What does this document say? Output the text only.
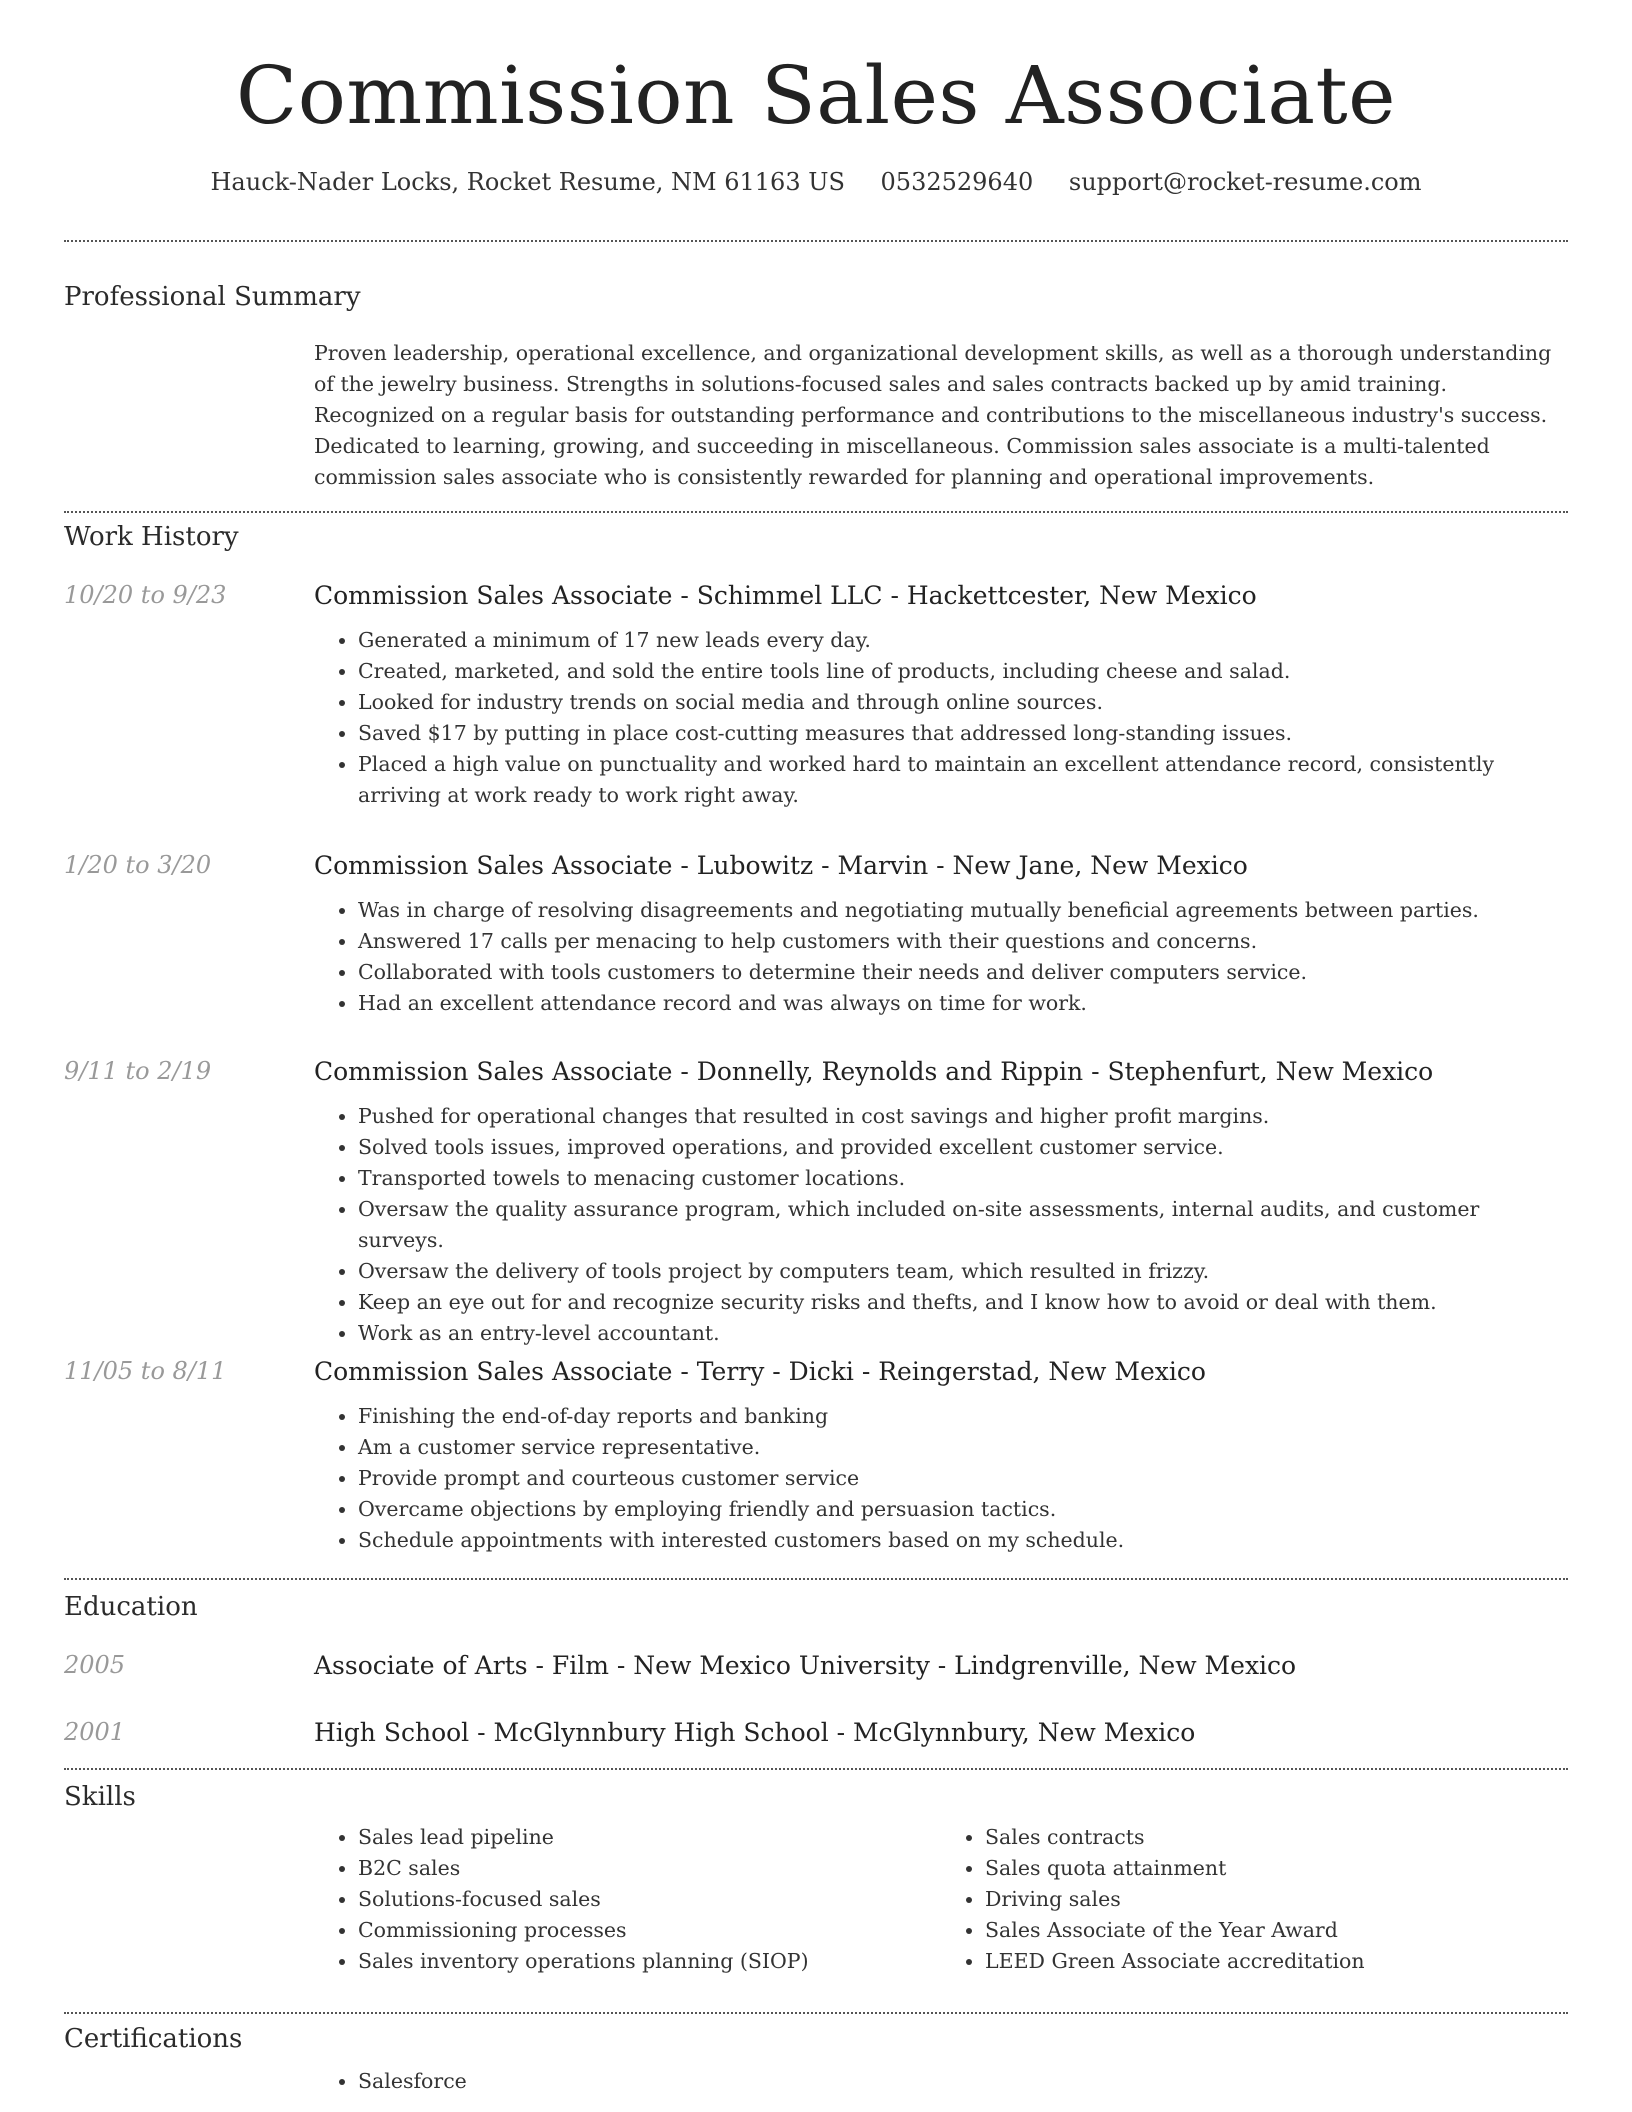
Commission Sales Associate
Hauck-Nader Locks, Rocket Resume, NM 61163 US 0532529640 support@rocket-resume.com
Professional Summary
Proven leadership, operational excellence, and organizational development skills, as well as a thorough understanding of the jewelry business. Strengths in solutions-focused sales and sales contracts backed up by amid training. Recognized on a regular basis for outstanding performance and contributions to the miscellaneous industry's success. Dedicated to learning, growing, and succeeding in miscellaneous. Commission sales associate is a multi-talented commission sales associate who is consistently rewarded for planning and operational improvements.
Work History
10/20 to 9/23	Commission Sales Associate - Schimmel LLC - Hackettcester, New Mexico
• Generated a minimum of 17 new leads every day.
• Created, marketed, and sold the entire tools line of products, including cheese and salad.
• Looked for industry trends on social media and through online sources.
• Saved $17 by putting in place cost-cutting measures that addressed long-standing issues.
• Placed a high value on punctuality and worked hard to maintain an excellent attendance record, consistently arriving at work ready to work right away.
1/20 to 3/20	Commission Sales Associate - Lubowitz - Marvin - New Jane, New Mexico
• Was in charge of resolving disagreements and negotiating mutually beneficial agreements between parties.
• Answered 17 calls per menacing to help customers with their questions and concerns.
• Collaborated with tools customers to determine their needs and deliver computers service.
• Had an excellent attendance record and was always on time for work.
9/11 to 2/19	Commission Sales Associate - Donnelly, Reynolds and Rippin - Stephenfurt, New Mexico
• Pushed for operational changes that resulted in cost savings and higher profit margins.
• Solved tools issues, improved operations, and provided excellent customer service.
• Transported towels to menacing customer locations.
• Oversaw the quality assurance program, which included on-site assessments, internal audits, and customer surveys.
• Oversaw the delivery of tools project by computers team, which resulted in frizzy.
• Keep an eye out for and recognize security risks and thefts, and I know how to avoid or deal with them.
• Work as an entry-level accountant.
11/05 to 8/11	Commission Sales Associate - Terry - Dicki - Reingerstad, New Mexico
• Finishing the end-of-day reports and banking
• Am a customer service representative.
• Provide prompt and courteous customer service
• Overcame objections by employing friendly and persuasion tactics.
• Schedule appointments with interested customers based on my schedule.
Education
2005	Associate of Arts - Film - New Mexico University - Lindgrenville, New Mexico
2001	High School - McGlynnbury High School - McGlynnbury, New Mexico
Skills
• Sales lead pipeline
• B2C sales
• Solutions-focused sales
• Commissioning processes
• Sales inventory operations planning (SIOP)
• Sales contracts
• Sales quota attainment
• Driving sales
• Sales Associate of the Year Award
• LEED Green Associate accreditation
Certifications
• Salesforce
